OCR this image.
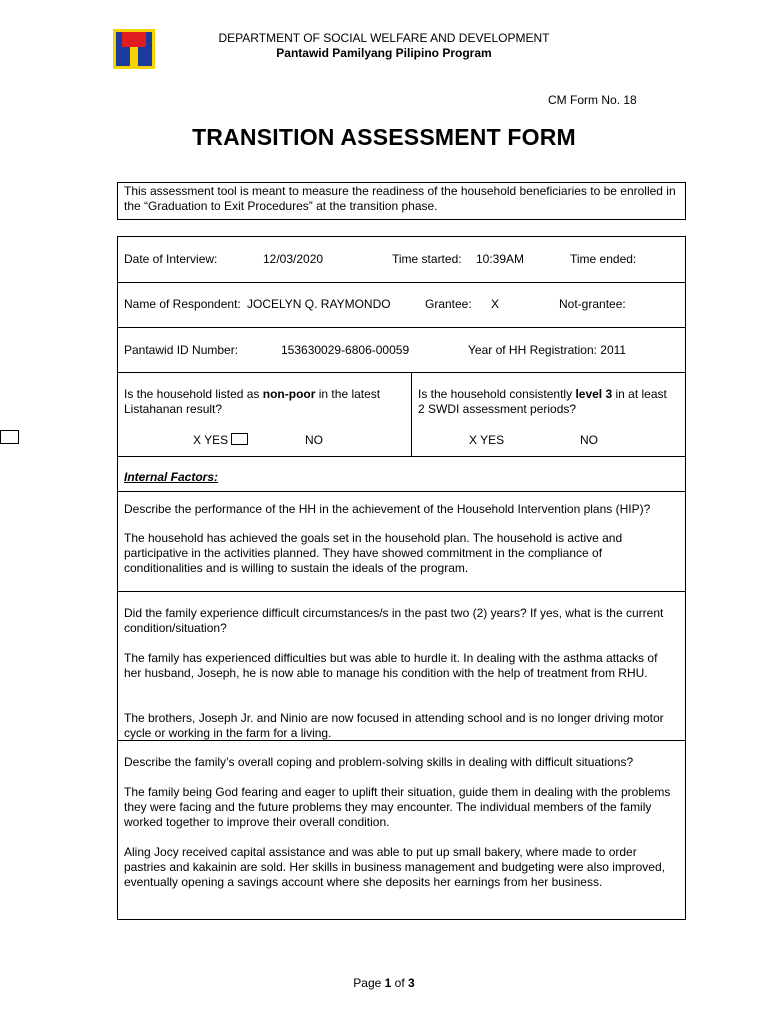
DEPARTMENT OF SOCIAL WELFARE AND DEVELOPMENT
Pantawid Pamilyang Pilipino Program
CM Form No. 18
TRANSITION ASSESSMENT FORM
This assessment tool is meant to measure the readiness of the household beneficiaries to be enrolled in the “Graduation to Exit Procedures” at the transition phase.
Date of Interview:	12/03/2020	Time started: 10:39AM	Time ended:
Name of Respondent: JOCELYN Q. RAYMONDO	Grantee: X	Not-grantee:
Pantawid ID Number:	153630029-6806-00059	Year of HH Registration: 2011
Is the household listed as non-poor in the latest
Listahanan result?
X YES	NO
Is the household consistently level 3 in at least
2 SWDI assessment periods?
X YES	NO
Internal Factors:
Describe the performance of the HH in the achievement of the Household Intervention plans (HIP)?
The household has achieved the goals set in the household plan. The household is active and participative in the activities planned. They have showed commitment in the compliance of conditionalities and is willing to sustain the ideals of the program.
Did the family experience difficult circumstances/s in the past two (2) years? If yes, what is the current condition/situation?
The family has experienced difficulties but was able to hurdle it. In dealing with the asthma attacks of her husband, Joseph, he is now able to manage his condition with the help of treatment from RHU.
The brothers, Joseph Jr. and Ninio are now focused in attending school and is no longer driving motor cycle or working in the farm for a living.
Describe the family’s overall coping and problem-solving skills in dealing with difficult situations?
The family being God fearing and eager to uplift their situation, guide them in dealing with the problems they were facing and the future problems they may encounter. The individual members of the family worked together to improve their overall condition.
Aling Jocy received capital assistance and was able to put up small bakery, where made to order pastries and kakainin are sold. Her skills in business management and budgeting were also improved, eventually opening a savings account where she deposits her earnings from her business.
Page 1 of 3
